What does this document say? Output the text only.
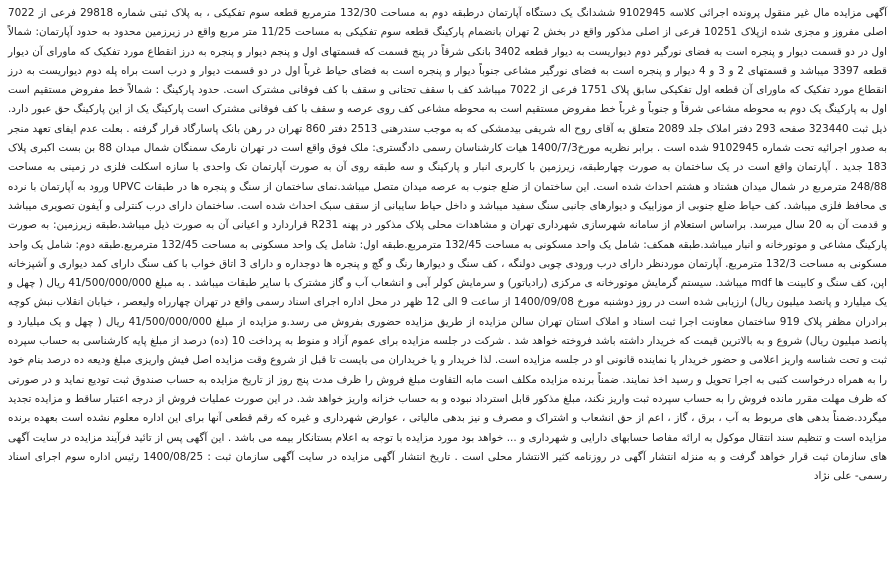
آگهی مزایده مال غیر منقول پرونده اجرائی کلاسه 9102945 ششدانگ یک دستگاه آپارتمان درطبقه دوم به مساحت 132/30 مترمربع قطعه سوم تفکیکی ، به پلاک ثبتی شماره 29818 فرعی از 7022 اصلی مفروز و مجزی شده ازپلاک 10251 فرعی از اصلی مذکور واقع در بخش 2 تهران بانضمام پارکینگ قطعه سوم تفکیکی به مساحت 11/25 متر مربع واقع در زیرزمین محدود به حدود آپارتمان: شمالاً اول در دو قسمت دیوار و پنجره است به فضای نورگیر دوم دیواریست به دیوار قطعه 3402 بانکی شرقاً در پنج قسمت که قسمتهای اول و پنجم دیوار و پنجره به درز انقطاع مورد تفکیک که ماورای آن دیوار قطعه 3397 میباشد و قسمتهای 2 و 3 و 4 دیوار و پنجره است به فضای نورگیر مشاعی جنوباً دیوار و پنجره است به فضای حیاط غرباً اول در دو قسمت دیوار و درب است براه پله دوم دیواریست به درز انقطاع مورد تفکیک که ماورای آن قطعه اول تفکیکی سابق پلاک 1751 فرعی از 7022 میباشد کف با سقف تحتانی و سقف با کف فوقانی مشترک است. حدود پارکینگ : شمالاً خط مفروض مستقیم است اول به پارکینگ یک دوم به محوطه مشاعی شرقاً و جنوباً و غرباً خط مفروض مستقیم است به محوطه مشاعی کف روی عرصه و سقف با کف فوقانی مشترک است پارکینگ یک از این پارکینگ حق عبور دارد. ذیل ثبت 323440 صفحه 293 دفتر املاک جلد 2089 متعلق به آقای روح اله شریفی بیدمشکی که به موجب سندرهنی 2513 دفتر 860 تهران در رهن بانک پاسارگاد قرار گرفته . بعلت عدم ایفای تعهد منجر به صدور اجرائیه تحت شماره 9102945 شده است . برابر نظریه مورخ1400/7/3 هیات کارشناسان رسمی دادگستری: ملک فوق واقع است در تهران نارمک سمنگان شمال میدان 88 بن بست اکبری پلاک 183 جدید . آپارتمان واقع است در یک ساختمان به صورت چهارطبقه، زیرزمین با کاربری انبار و پارکینگ و سه طبقه روی آن به صورت آپارتمان تک واحدی با سازه اسکلت فلزی در زمینی به مساحت 248/88 مترمربع در شمال میدان هشتاد و هشتم احداث شده است. این ساختمان از ضلع جنوب به عرصه میدان متصل میباشد.نمای ساختمان از سنگ و پنجره ها در طبقات UPVC ورود به آپارتمان با نرده ی محافظ فلزی میباشد. کف حیاط ضلع جنوبی از موزاییک و دیوارهای جانبی سنگ سفید میباشد و داخل حیاط سایبانی از سقف سبک احداث شده است. ساختمان دارای درب کنترلی و آیفون تصویری میباشد و قدمت آن به 20 سال میرسد. براساس استعلام از سامانه شهرسازی شهرداری تهران و مشاهدات محلی پلاک مذکور در پهنه R231 قراردارد و اعیانی آن به صورت ذیل میباشد.طبقه زیرزمین: به صورت پارکینگ مشاعی و موتورخانه و انبار میباشد.طبقه همکف: شامل یک واحد مسکونی به مساحت 132/45 مترمربع.طبقه اول: شامل یک واحد مسکونی به مساحت 132/45 مترمربع.طبقه دوم: شامل یک واحد مسکونی به مساحت 132/3 مترمربع. آپارتمان موردنظر دارای درب ورودی چوبی دولنگه ، کف سنگ و دیوارها رنگ و گچ و پنجره ها دوجداره و دارای 3 اتاق خواب با کف سنگ دارای کمد دیواری و آشپزخانه اپن، کف سنگ و کابینت ها mdf میباشد. سیستم گرمایش موتورخانه ی مرکزی (رادیاتور) و سرمایش کولر آبی و انشعاب آب و گاز مشترک با سایر طبقات میباشد . به مبلغ 41/500/000/000 ریال ( چهل و یک میلیارد و پانصد میلیون ریال) ارزیابی شده است در روز دوشنبه مورخ 1400/09/08 از ساعت 9 الی 12 ظهر در محل اداره اجرای اسناد رسمی واقع در تهران چهارراه ولیعصر ، خیابان انقلاب نبش کوچه برادران مظفر پلاک 919 ساختمان معاونت اجرا ثبت اسناد و املاک استان تهران سالن مزایده از طریق مزایده حضوری بفروش می رسد.و مزایده از مبلغ 41/500/000/000 ریال ( چهل و یک میلیارد و پانصد میلیون ریال) شروع و به بالاترین قیمت که خریدار داشته باشد فروخته خواهد شد . شرکت در جلسه مزایده برای عموم آزاد و منوط به پرداخت 10 (ده) درصد از مبلغ پایه کارشناسی به حساب سپرده ثبت و تحت شناسه واریز اعلامی و حضور خریدار یا نماینده قانونی او در جلسه مزایده است. لذا خریدار و یا خریداران می بایست تا قبل از شروع وقت مزایده اصل فیش واریزی مبلغ ودیعه ده درصد بنام خود را به همراه درخواست کتبی به اجرا تحویل و رسید اخذ نمایند. ضمناً برنده مزایده مکلف است مابه التفاوت مبلغ فروش را ظرف مدت پنج روز از تاریخ مزایده به حساب صندوق ثبت تودیع نماید و در صورتی که ظرف مهلت مقرر مانده فروش را به حساب سپرده ثبت واریز نکند، مبلغ مذکور قابل استرداد نبوده و به حساب خزانه واریز خواهد شد. در این صورت عملیات فروش از درجه اعتبار ساقط و مزایده تجدید میگردد.ضمناً بدهی های مربوط به آب ، برق ، گاز ، اعم از حق انشعاب و اشتراک و مصرف و نیز بدهی مالیاتی ، عوارض شهرداری و غیره که رقم قطعی آنها برای این اداره معلوم نشده است بعهده برنده مزایده است و تنظیم سند انتقال موکول به ارائه مفاصا حسابهای دارایی و شهرداری و ... خواهد بود مورد مزایده با توجه به اعلام بستانکار بیمه می باشد . این آگهی پس از تائید فرآیند مزایده در سایت آگهی های سازمان ثبت قرار خواهد گرفت و به منزله انتشار آگهی در روزنامه کثیر الانتشار محلی است . تاریخ انتشار آگهی مزایده در سایت آگهی سازمان ثبت : 1400/08/25 رئیس اداره سوم اجرای اسناد رسمی- علی نژاد
